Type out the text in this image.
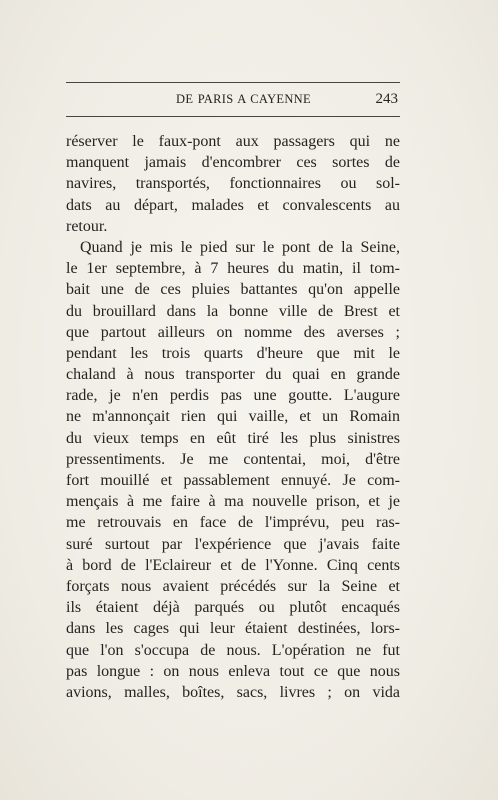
DE PARIS A CAYENNE	243
réserver le faux-pont aux passagers qui ne
manquent jamais d'encombrer ces sortes de
navires, transportés, fonctionnaires ou sol-
dats au départ, malades et convalescents au
retour.
Quand je mis le pied sur le pont de la Seine,
le 1er septembre, à 7 heures du matin, il tom-
bait une de ces pluies battantes qu'on appelle
du brouillard dans la bonne ville de Brest et
que partout ailleurs on nomme des averses ;
pendant les trois quarts d'heure que mit le
chaland à nous transporter du quai en grande
rade, je n'en perdis pas une goutte. L'augure
ne m'annonçait rien qui vaille, et un Romain
du vieux temps en eût tiré les plus sinistres
pressentiments. Je me contentai, moi, d'être
fort mouillé et passablement ennuyé. Je com-
mençais à me faire à ma nouvelle prison, et je
me retrouvais en face de l'imprévu, peu ras-
suré surtout par l'expérience que j'avais faite
à bord de l'Eclaireur et de l'Yonne. Cinq cents
forçats nous avaient précédés sur la Seine et
ils étaient déjà parqués ou plutôt encaqués
dans les cages qui leur étaient destinées, lors-
que l'on s'occupa de nous. L'opération ne fut
pas longue : on nous enleva tout ce que nous
avions, malles, boîtes, sacs, livres ; on vida
